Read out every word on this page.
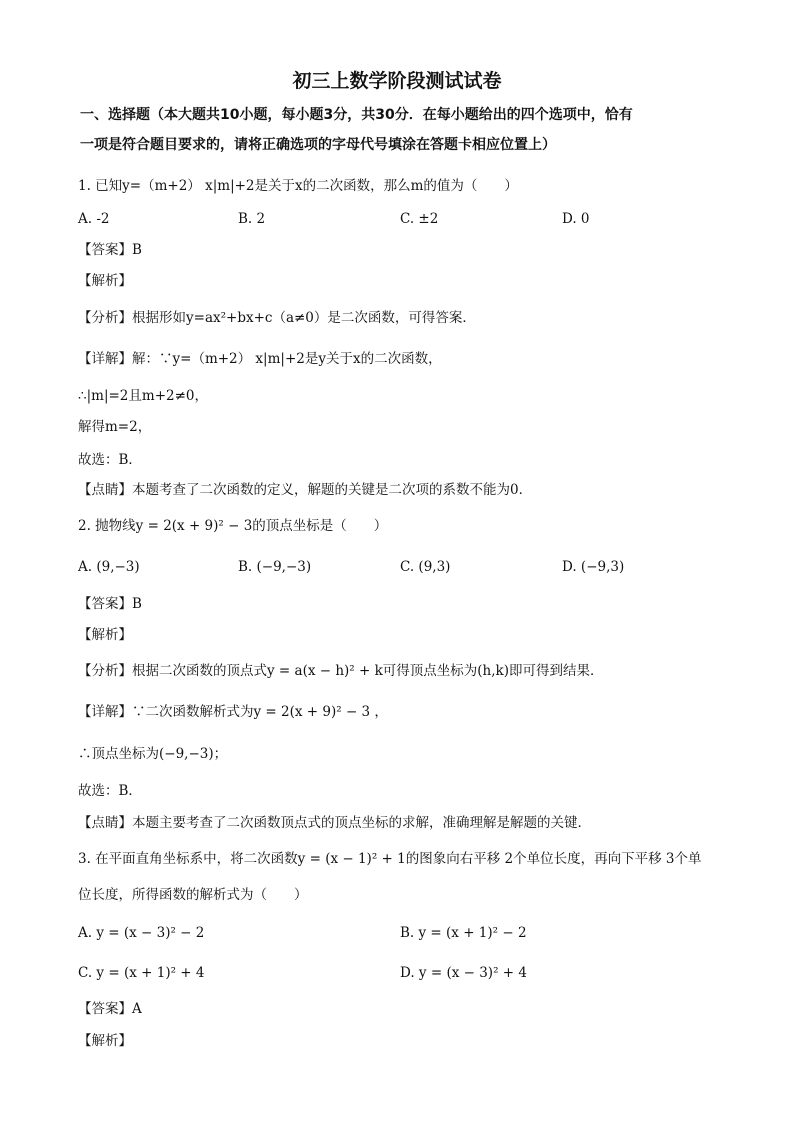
初三上数学阶段测试试卷
一、选择题（本大题共10小题，每小题3分，共30分．在每小题给出的四个选项中，恰有
一项是符合题目要求的，请将正确选项的字母代号填涂在答题卡相应位置上）
1. 已知y=（m+2） x|m|+2是关于x的二次函数，那么m的值为（　　）
A. -2	B. 2	C. ±2	D. 0
【答案】B
【解析】
【分析】根据形如y=ax²+bx+c（a≠0）是二次函数，可得答案．
【详解】解：∵y=（m+2） x|m|+2是y关于x的二次函数，
∴|m|=2且m+2≠0，
解得m=2，
故选：B．
【点睛】本题考查了二次函数的定义，解题的关键是二次项的系数不能为0．
2. 抛物线y = 2(x + 9)² − 3的顶点坐标是（　　）
A. (9,−3)	B. (−9,−3)	C. (9,3)	D. (−9,3)
【答案】B
【解析】
【分析】根据二次函数的顶点式y = a(x − h)² + k可得顶点坐标为(h,k)即可得到结果．
【详解】∵二次函数解析式为y = 2(x + 9)² − 3 ，
∴顶点坐标为(−9,−3)；
故选：B．
【点睛】本题主要考查了二次函数顶点式的顶点坐标的求解，准确理解是解题的关键．
3. 在平面直角坐标系中，将二次函数y = (x − 1)² + 1的图象向右平移 2个单位长度，再向下平移 3个单
位长度，所得函数的解析式为（　　）
A. y = (x − 3)² − 2	B. y = (x + 1)² − 2
C. y = (x + 1)² + 4	D. y = (x − 3)² + 4
【答案】A
【解析】
